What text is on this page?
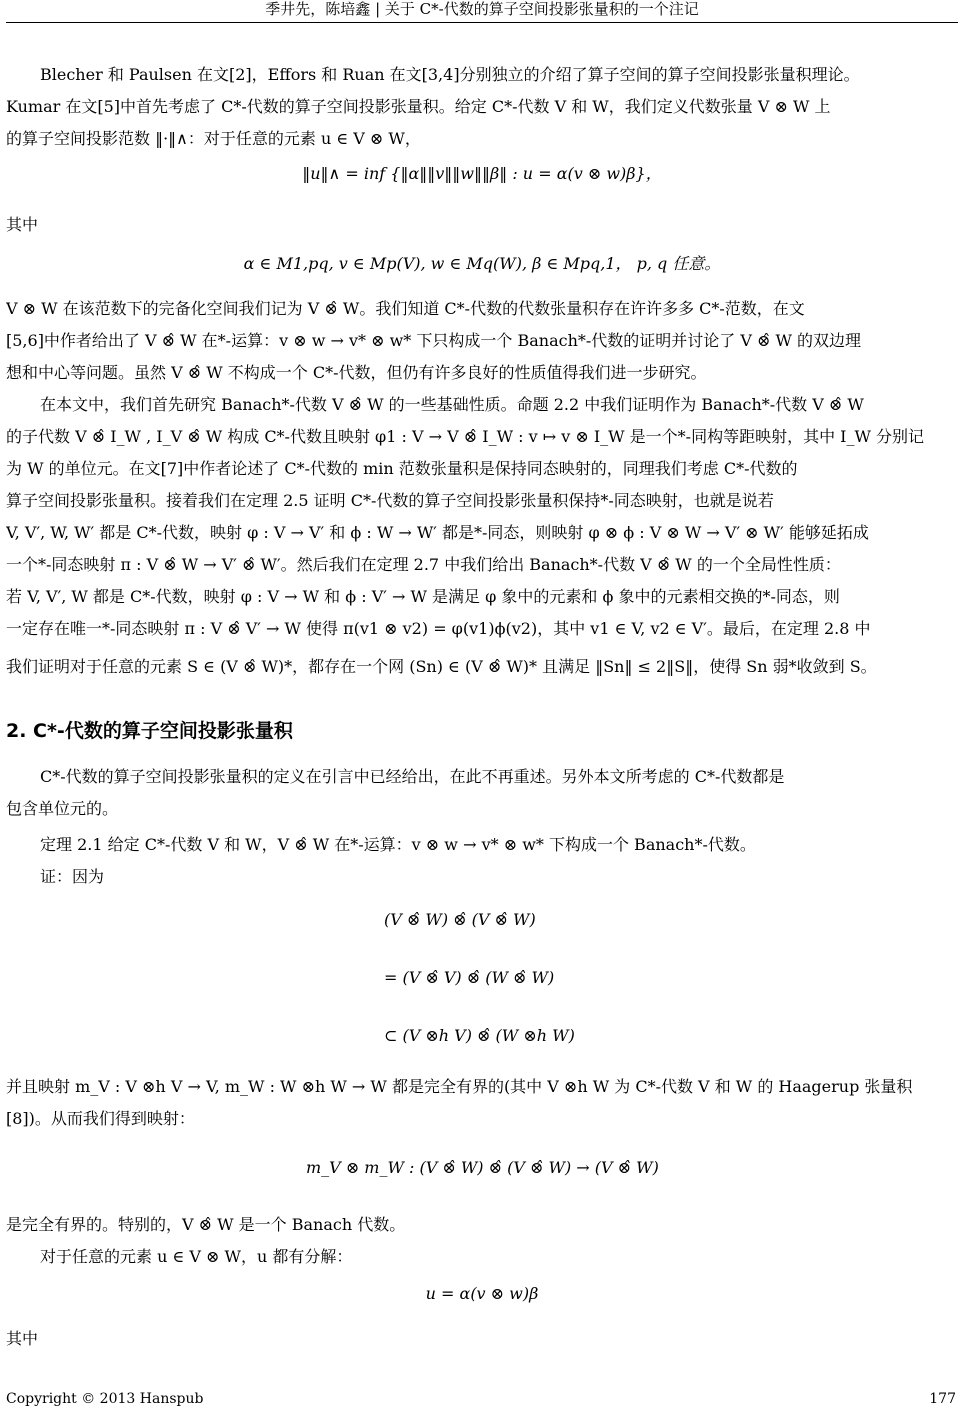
季井先，陈培鑫 | 关于 C*-代数的算子空间投影张量积的一个注记
Blecher 和 Paulsen 在文[2]，Effors 和 Ruan 在文[3,4]分别独立的介绍了算子空间的算子空间投影张量积理论。
Kumar 在文[5]中首先考虑了 C*-代数的算子空间投影张量积。给定 C*-代数 V 和 W，我们定义代数张量 V ⊗ W 上
的算子空间投影范数 ‖·‖∧：对于任意的元素 u ∈ V ⊗ W，
‖u‖∧ = inf {‖α‖‖v‖‖w‖‖β‖ : u = α(v ⊗ w)β}，
其中
α ∈ M1,pq, v ∈ Mp(V), w ∈ Mq(W), β ∈ Mpq,1， p, q 任意。
V ⊗ W 在该范数下的完备化空间我们记为 V ⊗̂ W。我们知道 C*-代数的代数张量积存在许许多多 C*-范数，在文
[5,6]中作者给出了 V ⊗̂ W 在*-运算：v ⊗ w → v* ⊗ w* 下只构成一个 Banach*-代数的证明并讨论了 V ⊗̂ W 的双边理
想和中心等问题。虽然 V ⊗̂ W 不构成一个 C*-代数，但仍有许多良好的性质值得我们进一步研究。
在本文中，我们首先研究 Banach*-代数 V ⊗̂ W 的一些基础性质。命题 2.2 中我们证明作为 Banach*-代数 V ⊗̂ W
的子代数 V ⊗̂ I_W , I_V ⊗̂ W 构成 C*-代数且映射 φ1 : V → V ⊗̂ I_W : v ↦ v ⊗ I_W 是一个*-同构等距映射，其中 I_W 分别记
为 W 的单位元。在文[7]中作者论述了 C*-代数的 min 范数张量积是保持同态映射的，同理我们考虑 C*-代数的
算子空间投影张量积。接着我们在定理 2.5 证明 C*-代数的算子空间投影张量积保持*-同态映射，也就是说若
V, V′, W, W′ 都是 C*-代数，映射 φ : V → V′ 和 ϕ : W → W′ 都是*-同态，则映射 φ ⊗ ϕ : V ⊗ W → V′ ⊗ W′ 能够延拓成
一个*-同态映射 π : V ⊗̂ W → V′ ⊗̂ W′。然后我们在定理 2.7 中我们给出 Banach*-代数 V ⊗̂ W 的一个全局性性质：
若 V, V′, W 都是 C*-代数，映射 φ : V → W 和 ϕ : V′ → W 是满足 φ 象中的元素和 ϕ 象中的元素相交换的*-同态，则
一定存在唯一*-同态映射 π : V ⊗̂ V′ → W 使得 π(v1 ⊗ v2) = φ(v1)ϕ(v2)，其中 v1 ∈ V, v2 ∈ V′。最后，在定理 2.8 中
我们证明对于任意的元素 S ∈ (V ⊗̂ W)*，都存在一个网 (Sn) ∈ (V ⊗̂ W)* 且满足 ‖Sn‖ ≤ 2‖S‖，使得 Sn 弱*收敛到 S。
2. C*-代数的算子空间投影张量积
C*-代数的算子空间投影张量积的定义在引言中已经给出，在此不再重述。另外本文所考虑的 C*-代数都是
包含单位元的。
定理 2.1 给定 C*-代数 V 和 W，V ⊗̂ W 在*-运算：v ⊗ w → v* ⊗ w* 下构成一个 Banach*-代数。
证：因为
(V ⊗̂ W) ⊗̂ (V ⊗̂ W)
= (V ⊗̂ V) ⊗̂ (W ⊗̂ W)
⊂ (V ⊗h V) ⊗̂ (W ⊗h W)
并且映射 m_V : V ⊗h V → V, m_W : W ⊗h W → W 都是完全有界的(其中 V ⊗h W 为 C*-代数 V 和 W 的 Haagerup 张量积
[8])。从而我们得到映射：
m_V ⊗ m_W : (V ⊗̂ W) ⊗̂ (V ⊗̂ W) → (V ⊗̂ W)
是完全有界的。特别的，V ⊗̂ W 是一个 Banach 代数。
对于任意的元素 u ∈ V ⊗ W，u 都有分解：
u = α(v ⊗ w)β
其中
Copyright © 2013 Hanspub	177
